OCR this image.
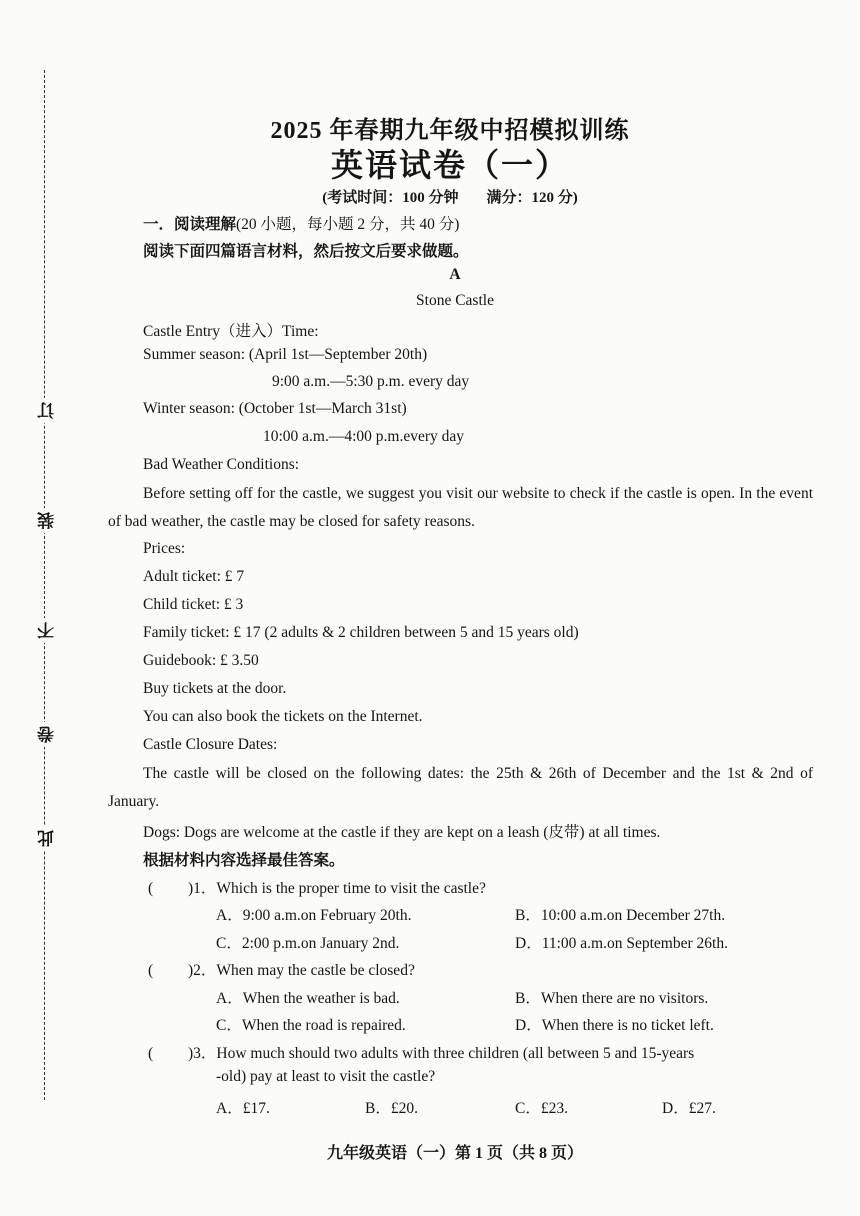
订
装
不
卷
此
2025 年春期九年级中招模拟训练
英语试卷（一）
(考试时间：100 分钟 满分：120 分)
一．阅读理解(20 小题，每小题 2 分，共 40 分)
阅读下面四篇语言材料，然后按文后要求做题。
A
Stone Castle
Castle Entry（进入）Time:
Summer season: (April 1st—September 20th)
9:00 a.m.—5:30 p.m. every day
Winter season: (October 1st—March 31st)
10:00 a.m.—4:00 p.m.every day
Bad Weather Conditions:
Before setting off for the castle, we suggest you visit our website to check if the castle is open. In the event of bad weather, the castle may be closed for safety reasons.
Prices:
Adult ticket: £ 7
Child ticket: £ 3
Family ticket: £ 17 (2 adults & 2 children between 5 and 15 years old)
Guidebook: £ 3.50
Buy tickets at the door.
You can also book the tickets on the Internet.
Castle Closure Dates:
The castle will be closed on the following dates: the 25th & 26th of December and the 1st & 2nd of January.
Dogs: Dogs are welcome at the castle if they are kept on a leash (皮带) at all times.
根据材料内容选择最佳答案。
( )1．Which is the proper time to visit the castle?
A．9:00 a.m.on February 20th.	B．10:00 a.m.on December 27th.
C．2:00 p.m.on January 2nd.	D．11:00 a.m.on September 26th.
( )2．When may the castle be closed?
A．When the weather is bad.	B．When there are no visitors.
C．When the road is repaired.	D．When there is no ticket left.
( )3．How much should two adults with three children (all between 5 and 15-years
-old) pay at least to visit the castle?
A．£17.	B．£20.	C．£23.	D．£27.
九年级英语（一）第 1 页（共 8 页）
